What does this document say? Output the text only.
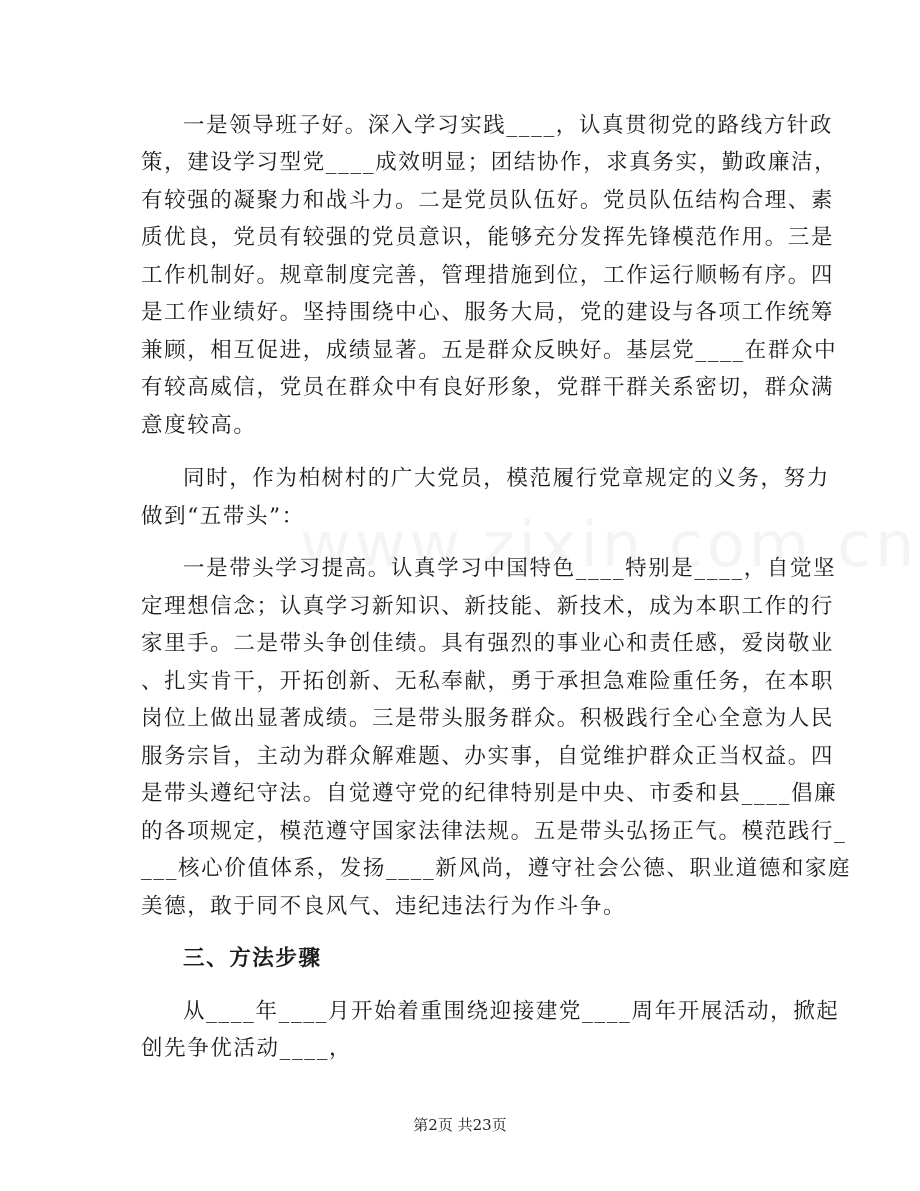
一是领导班子好。深入学习实践____，认真贯彻党的路线方针政
策，建设学习型党____成效明显；团结协作，求真务实，勤政廉洁，
有较强的凝聚力和战斗力。二是党员队伍好。党员队伍结构合理、素
质优良，党员有较强的党员意识，能够充分发挥先锋模范作用。三是
工作机制好。规章制度完善，管理措施到位，工作运行顺畅有序。四
是工作业绩好。坚持围绕中心、服务大局，党的建设与各项工作统筹
兼顾，相互促进，成绩显著。五是群众反映好。基层党____在群众中
有较高威信，党员在群众中有良好形象，党群干群关系密切，群众满
意度较高。
同时，作为柏树村的广大党员，模范履行党章规定的义务，努力
做到“五带头”：
一是带头学习提高。认真学习中国特色____特别是____，自觉坚
定理想信念；认真学习新知识、新技能、新技术，成为本职工作的行
家里手。二是带头争创佳绩。具有强烈的事业心和责任感，爱岗敬业
、扎实肯干，开拓创新、无私奉献，勇于承担急难险重任务，在本职
岗位上做出显著成绩。三是带头服务群众。积极践行全心全意为人民
服务宗旨，主动为群众解难题、办实事，自觉维护群众正当权益。四
是带头遵纪守法。自觉遵守党的纪律特别是中央、市委和县____倡廉
的各项规定，模范遵守国家法律法规。五是带头弘扬正气。模范践行_
___核心价值体系，发扬____新风尚，遵守社会公德、职业道德和家庭
美德，敢于同不良风气、违纪违法行为作斗争。
三、方法步骤
从____年____月开始着重围绕迎接建党____周年开展活动，掀起
创先争优活动____，
第2页 共23页
